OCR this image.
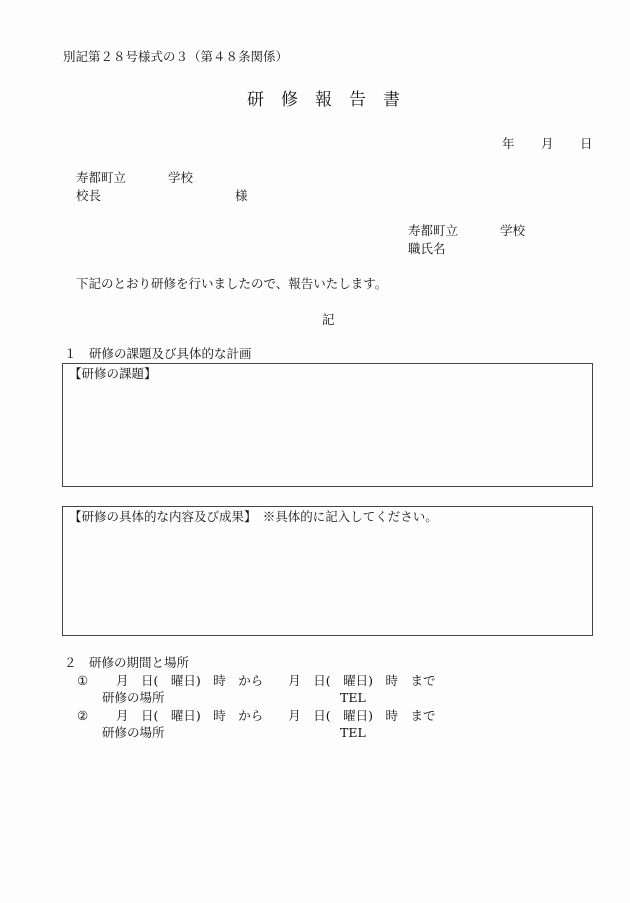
別記第２８号様式の３（第４８条関係）
研　修　報　告　書
年 月 日
寿都町立	学校
校長	様
寿都町立	学校
職氏名
下記のとおり研修を行いましたので、報告いたします。
記
１　研修の課題及び具体的な計画
【研修の課題】
【研修の具体的な内容及び成果】　※具体的に記入してください。
２　研修の期間と場所
① 月　日(　曜日)　時　から　　月　日(　曜日)　時　まで
研修の場所	TEL
② 月　日(　曜日)　時　から　　月　日(　曜日)　時　まで
研修の場所	TEL
